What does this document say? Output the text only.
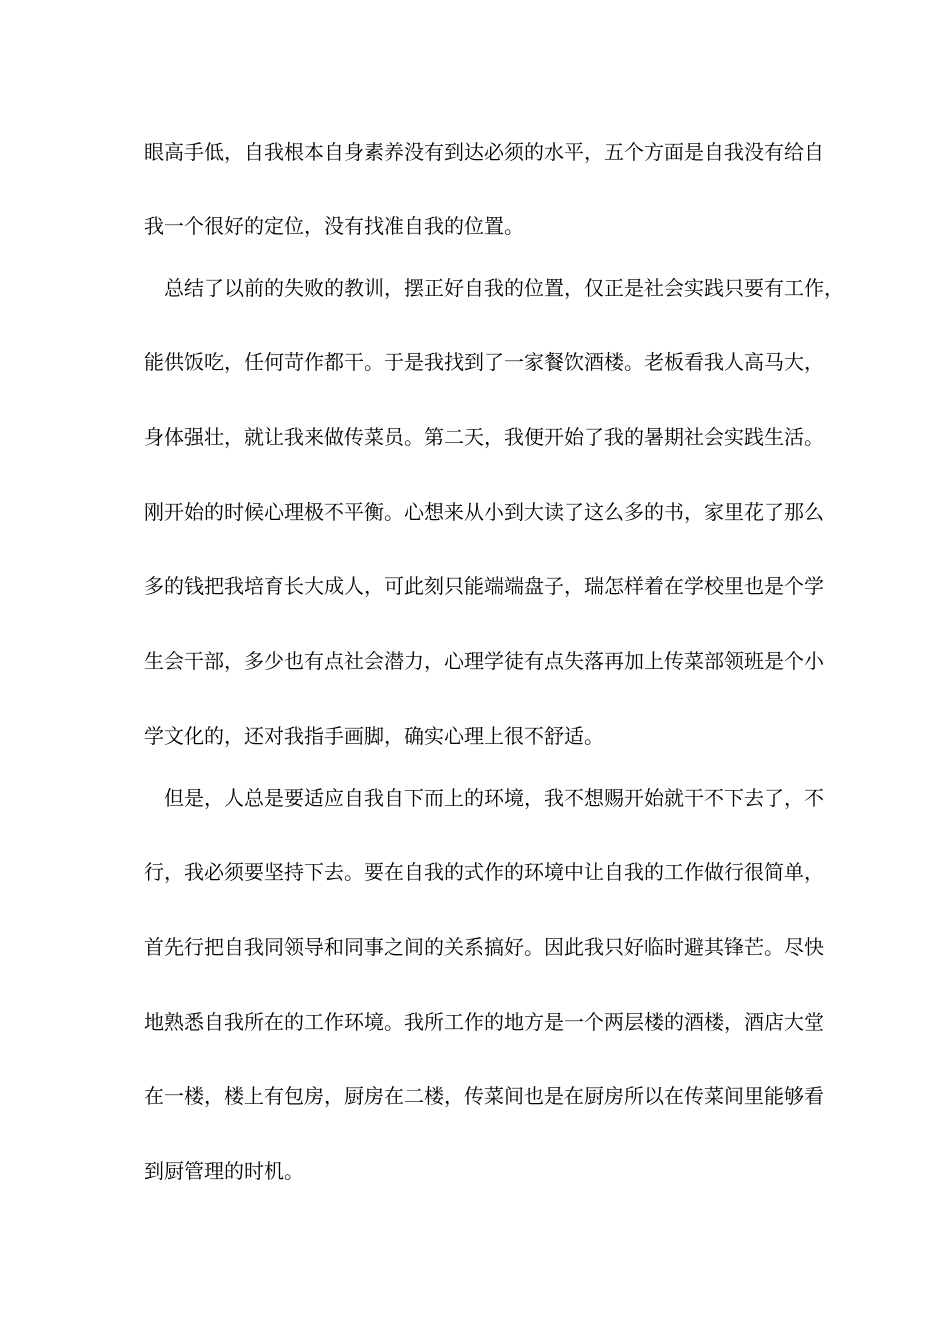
眼高手低，自我根本自身素养没有到达必须的水平，五个方面是自我没有给自
我一个很好的定位，没有找准自我的位置。
　总结了以前的失败的教训，摆正好自我的位置，仅正是社会实践只要有工作，
能供饭吃，任何苛作都干。于是我找到了一家餐饮酒楼。老板看我人高马大，
身体强壮，就让我来做传菜员。第二天，我便开始了我的暑期社会实践生活。
刚开始的时候心理极不平衡。心想来从小到大读了这么多的书，家里花了那么
多的钱把我培育长大成人，可此刻只能端端盘子，瑞怎样着在学校里也是个学
生会干部，多少也有点社会潜力，心理学徒有点失落再加上传菜部领班是个小
学文化的，还对我指手画脚，确实心理上很不舒适。
　但是，人总是要适应自我自下而上的环境，我不想赐开始就干不下去了，不
行，我必须要坚持下去。要在自我的式作的环境中让自我的工作做行很简单，
首先行把自我同领导和同事之间的关系搞好。因此我只好临时避其锋芒。尽快
地熟悉自我所在的工作环境。我所工作的地方是一个两层楼的酒楼，酒店大堂
在一楼，楼上有包房，厨房在二楼，传菜间也是在厨房所以在传菜间里能够看
到厨管理的时机。
